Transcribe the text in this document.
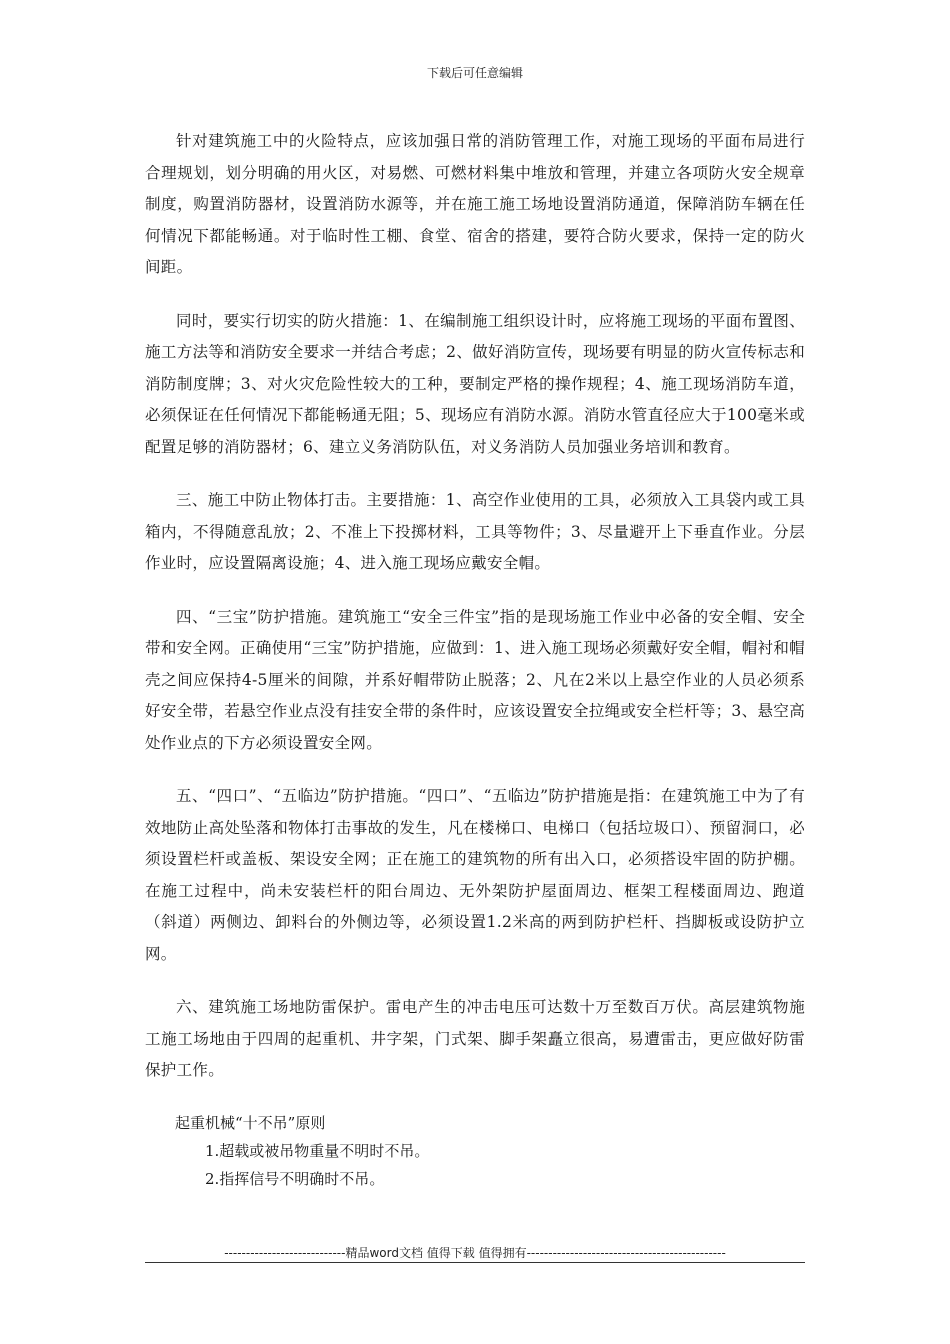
下载后可任意编辑

针对建筑施工中的火险特点，应该加强日常的消防管理工作，对施工现场的平面布局进行合理规划，划分明确的用火区，对易燃、可燃材料集中堆放和管理，并建立各项防火安全规章制度，购置消防器材，设置消防水源等，并在施工施工场地设置消防通道，保障消防车辆在任何情况下都能畅通。对于临时性工棚、食堂、宿舍的搭建，要符合防火要求，保持一定的防火间距。

同时，要实行切实的防火措施：1、在编制施工组织设计时，应将施工现场的平面布置图、施工方法等和消防安全要求一并结合考虑；2、做好消防宣传，现场要有明显的防火宣传标志和消防制度牌；3、对火灾危险性较大的工种，要制定严格的操作规程；4、施工现场消防车道，必须保证在任何情况下都能畅通无阻；5、现场应有消防水源。消防水管直径应大于100毫米或配置足够的消防器材；6、建立义务消防队伍，对义务消防人员加强业务培训和教育。

三、施工中防止物体打击。主要措施：1、高空作业使用的工具，必须放入工具袋内或工具箱内，不得随意乱放；2、不准上下投掷材料，工具等物件；3、尽量避开上下垂直作业。分层作业时，应设置隔离设施；4、进入施工现场应戴安全帽。

四、“三宝”防护措施。建筑施工“安全三件宝”指的是现场施工作业中必备的安全帽、安全带和安全网。正确使用“三宝”防护措施，应做到：1、进入施工现场必须戴好安全帽，帽衬和帽壳之间应保持4-5厘米的间隙，并系好帽带防止脱落；2、凡在2米以上悬空作业的人员必须系好安全带，若悬空作业点没有挂安全带的条件时，应该设置安全拉绳或安全栏杆等；3、悬空高处作业点的下方必须设置安全网。

五、“四口”、“五临边”防护措施。“四口”、“五临边”防护措施是指：在建筑施工中为了有效地防止高处坠落和物体打击事故的发生，凡在楼梯口、电梯口（包括垃圾口）、预留洞口，必须设置栏杆或盖板、架设安全网；正在施工的建筑物的所有出入口，必须搭设牢固的防护棚。在施工过程中，尚未安装栏杆的阳台周边、无外架防护屋面周边、框架工程楼面周边、跑道（斜道）两侧边、卸料台的外侧边等，必须设置1.2米高的两到防护栏杆、挡脚板或设防护立网。

六、建筑施工场地防雷保护。雷电产生的冲击电压可达数十万至数百万伏。高层建筑物施工施工场地由于四周的起重机、井字架，门式架、脚手架矗立很高，易遭雷击，更应做好防雷保护工作。

起重机械“十不吊”原则

1.超载或被吊物重量不明时不吊。

2.指挥信号不明确时不吊。

----------------------------精品word文档 值得下载 值得拥有----------------------------------------------
